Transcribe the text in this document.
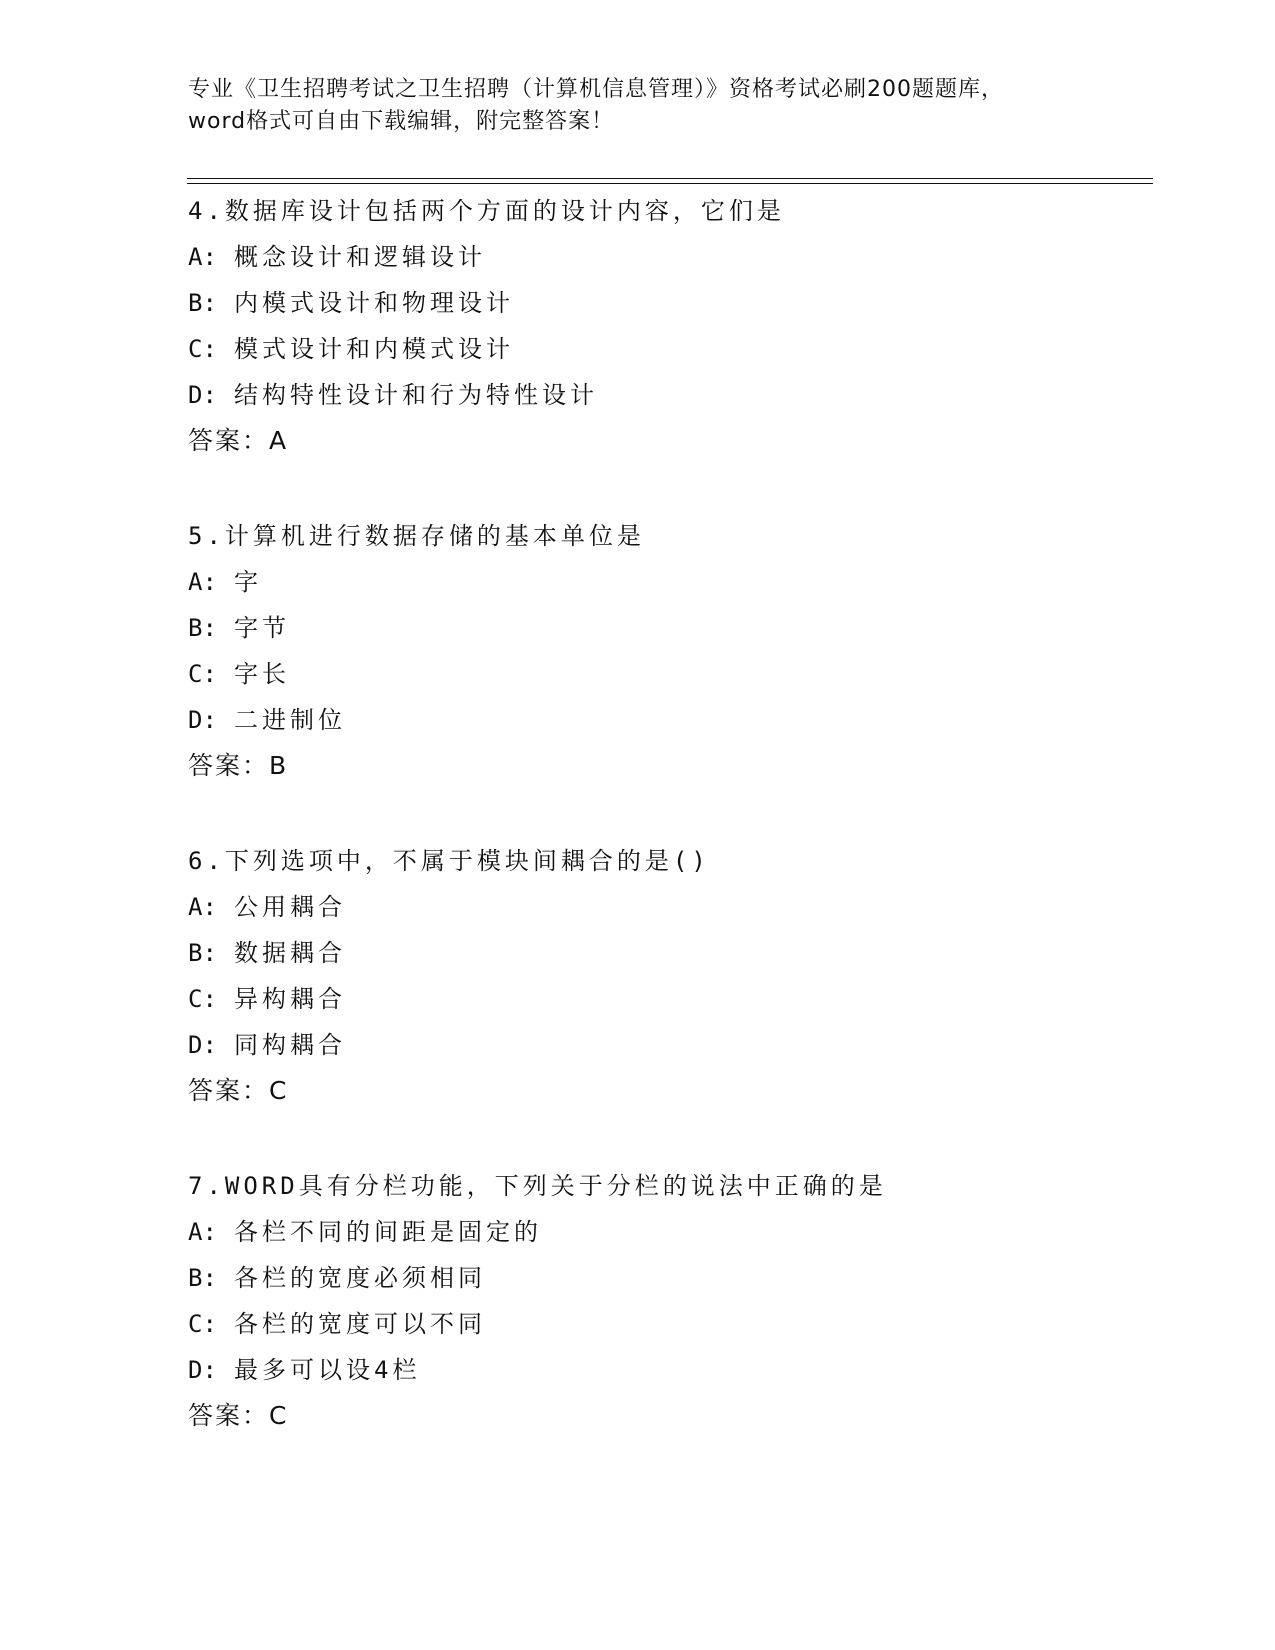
专业《卫生招聘考试之卫生招聘（计算机信息管理）》资格考试必刷200题题库，
word格式可自由下载编辑，附完整答案！
4.数据库设计包括两个方面的设计内容，它们是
A: 概念设计和逻辑设计
B: 内模式设计和物理设计
C: 模式设计和内模式设计
D: 结构特性设计和行为特性设计
答案：A
5.计算机进行数据存储的基本单位是
A: 字
B: 字节
C: 字长
D: 二进制位
答案：B
6.下列选项中，不属于模块间耦合的是()
A: 公用耦合
B: 数据耦合
C: 异构耦合
D: 同构耦合
答案：C
7.WORD具有分栏功能，下列关于分栏的说法中正确的是
A: 各栏不同的间距是固定的
B: 各栏的宽度必须相同
C: 各栏的宽度可以不同
D: 最多可以设4栏
答案：C
